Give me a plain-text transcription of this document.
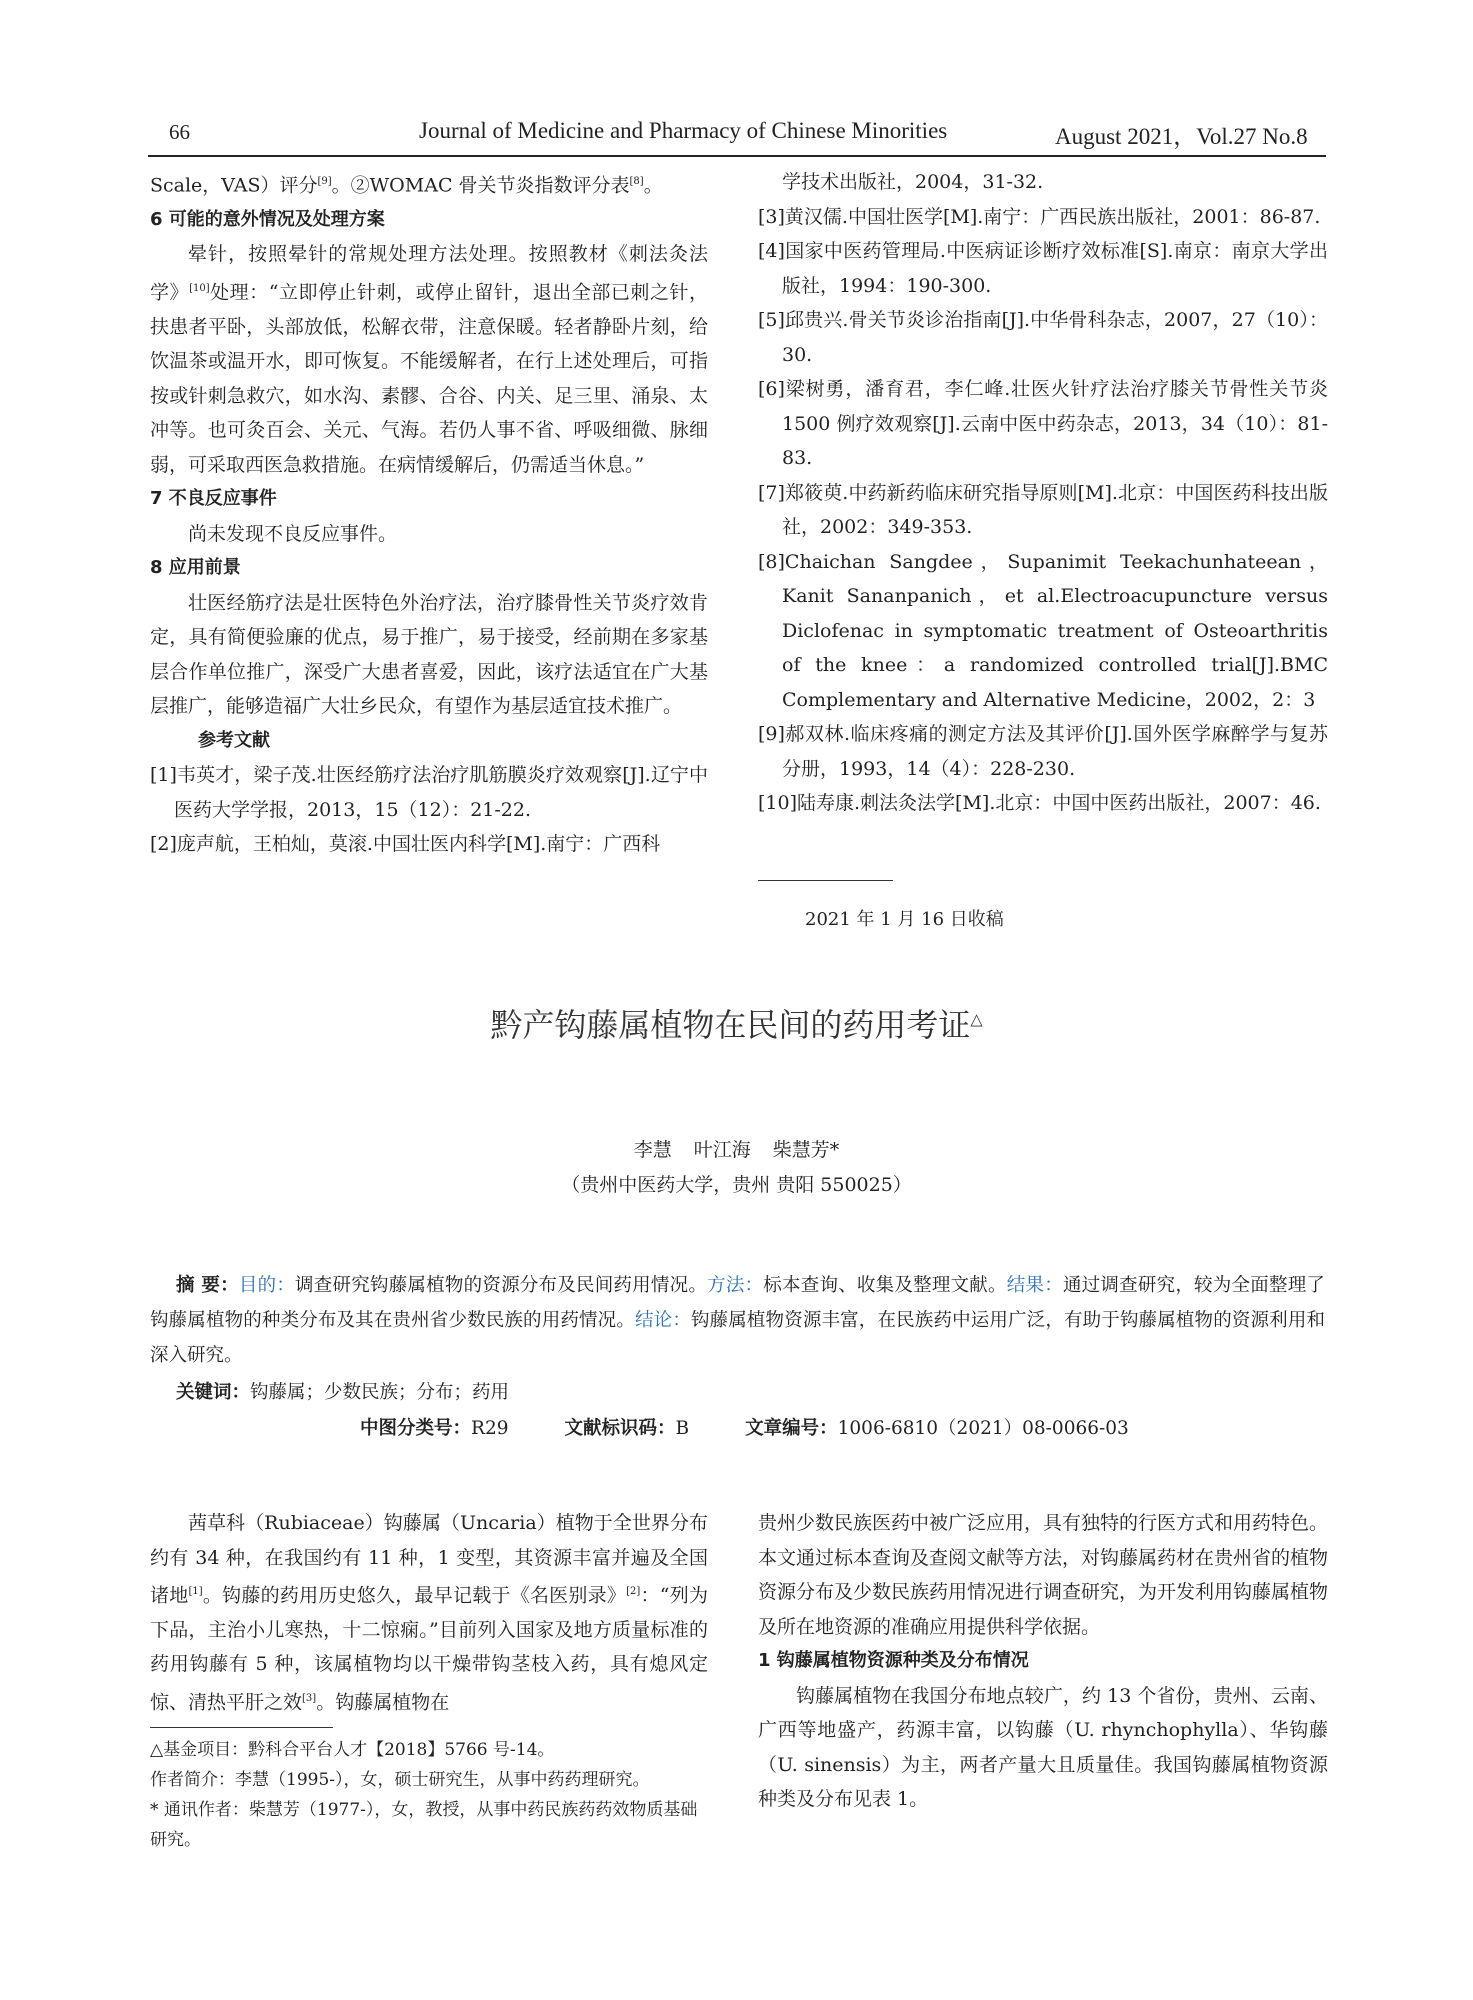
66	Journal of Medicine and Pharmacy of Chinese Minorities	August 2021，Vol.27 No.8

Scale，VAS）评分[9]。②WOMAC 骨关节炎指数评分表[8]。

6 可能的意外情况及处理方案

晕针，按照晕针的常规处理方法处理。按照教材《刺法灸法学》[10]处理：“立即停止针刺，或停止留针，退出全部已刺之针，扶患者平卧，头部放低，松解衣带，注意保暖。轻者静卧片刻，给饮温茶或温开水，即可恢复。不能缓解者，在行上述处理后，可指按或针刺急救穴，如水沟、素髎、合谷、内关、足三里、涌泉、太冲等。也可灸百会、关元、气海。若仍人事不省、呼吸细微、脉细弱，可采取西医急救措施。在病情缓解后，仍需适当休息。”

7 不良反应事件

尚未发现不良反应事件。

8 应用前景

壮医经筋疗法是壮医特色外治疗法，治疗膝骨性关节炎疗效肯定，具有简便验廉的优点，易于推广，易于接受，经前期在多家基层合作单位推广，深受广大患者喜爱，因此，该疗法适宜在广大基层推广，能够造福广大壮乡民众，有望作为基层适宜技术推广。

参考文献

[1]韦英才，梁子茂.壮医经筋疗法治疗肌筋膜炎疗效观察[J].辽宁中医药大学学报，2013，15（12）：21-22.

[2]庞声航，王柏灿，莫滚.中国壮医内科学[M].南宁：广西科

学技术出版社，2004，31-32.

[3]黄汉儒.中国壮医学[M].南宁：广西民族出版社，2001：86-87.

[4]国家中医药管理局.中医病证诊断疗效标准[S].南京：南京大学出版社，1994：190-300.

[5]邱贵兴.骨关节炎诊治指南[J].中华骨科杂志，2007，27（10）：30.

[6]梁树勇，潘育君，李仁峰.壮医火针疗法治疗膝关节骨性关节炎 1500 例疗效观察[J].云南中医中药杂志，2013，34（10）：81-83.

[7]郑筱萸.中药新药临床研究指导原则[M].北京：中国医药科技出版社，2002：349-353.

[8]Chaichan Sangdee，Supanimit Teekachunhateean，Kanit Sananpanich，et al.Electroacupuncture versus Diclofenac in symptomatic treatment of Osteoarthritis of the knee：a randomized controlled trial[J].BMC Complementary and Alternative Medicine，2002，2：3

[9]郝双林.临床疼痛的测定方法及其评价[J].国外医学麻醉学与复苏分册，1993，14（4）：228-230.

[10]陆寿康.刺法灸法学[M].北京：中国中医药出版社，2007：46.

2021 年 1 月 16 日收稿
黔产钩藤属植物在民间的药用考证△
李慧 叶江海 柴慧芳*
（贵州中医药大学，贵州 贵阳 550025）
摘 要：目的：调查研究钩藤属植物的资源分布及民间药用情况。方法：标本查询、收集及整理文献。结果：通过调查研究，较为全面整理了钩藤属植物的种类分布及其在贵州省少数民族的用药情况。结论：钩藤属植物资源丰富，在民族药中运用广泛，有助于钩藤属植物的资源利用和深入研究。
关键词：钩藤属；少数民族；分布；药用
中图分类号：R29	文献标识码：B	文章编号：1006-6810（2021）08-0066-03

茜草科（Rubiaceae）钩藤属（Uncaria）植物于全世界分布约有 34 种，在我国约有 11 种，1 变型，其资源丰富并遍及全国诸地[1]。钩藤的药用历史悠久，最早记载于《名医别录》[2]：“列为下品，主治小儿寒热，十二惊痫。”目前列入国家及地方质量标准的药用钩藤有 5 种，该属植物均以干燥带钩茎枝入药，具有熄风定惊、清热平肝之效[3]。钩藤属植物在

贵州少数民族医药中被广泛应用，具有独特的行医方式和用药特色。本文通过标本查询及查阅文献等方法，对钩藤属药材在贵州省的植物资源分布及少数民族药用情况进行调查研究，为开发利用钩藤属植物及所在地资源的准确应用提供科学依据。

1 钩藤属植物资源种类及分布情况

钩藤属植物在我国分布地点较广，约 13 个省份，贵州、云南、广西等地盛产，药源丰富，以钩藤（U. rhynchophylla）、华钩藤（U. sinensis）为主，两者产量大且质量佳。我国钩藤属植物资源种类及分布见表 1。

△基金项目：黔科合平台人才【2018】5766 号-14。

作者简介：李慧（1995-），女，硕士研究生，从事中药药理研究。

* 通讯作者：柴慧芳（1977-），女，教授，从事中药民族药药效物质基础研究。
